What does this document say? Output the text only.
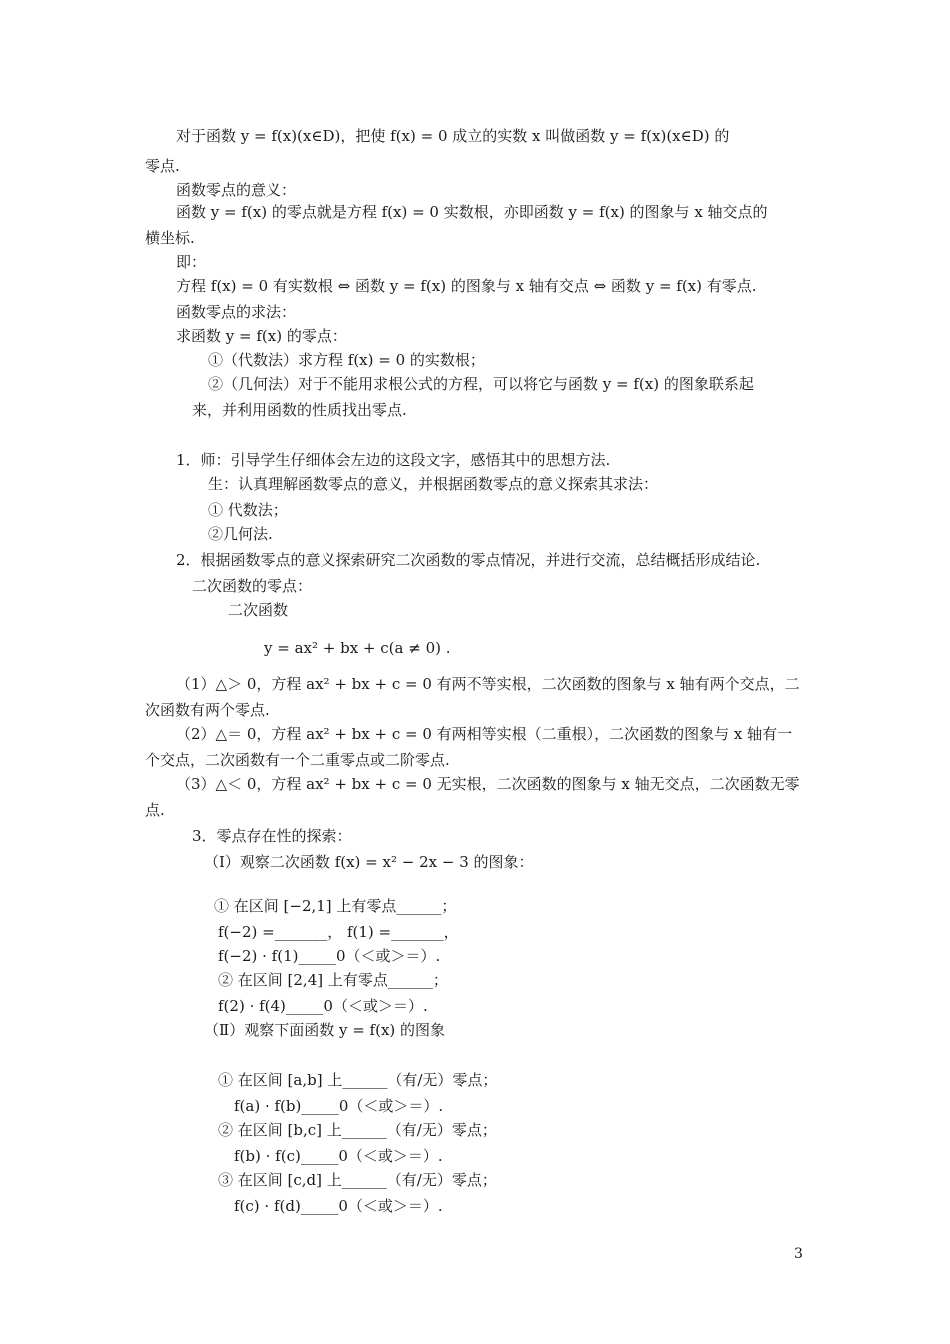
对于函数 y = f(x)(x∈D)，把使 f(x) = 0 成立的实数 x 叫做函数 y = f(x)(x∈D) 的
零点.
函数零点的意义：
函数 y = f(x) 的零点就是方程 f(x) = 0 实数根，亦即函数 y = f(x) 的图象与 x 轴交点的
横坐标.
即：
方程 f(x) = 0 有实数根 ⇔ 函数 y = f(x) 的图象与 x 轴有交点 ⇔ 函数 y = f(x) 有零点.
函数零点的求法：
求函数 y = f(x) 的零点：
①（代数法）求方程 f(x) = 0 的实数根；
②（几何法）对于不能用求根公式的方程，可以将它与函数 y = f(x) 的图象联系起
来，并利用函数的性质找出零点.
1．师：引导学生仔细体会左边的这段文字，感悟其中的思想方法.
生：认真理解函数零点的意义，并根据函数零点的意义探索其求法：
① 代数法；
②几何法.
2．根据函数零点的意义探索研究二次函数的零点情况，并进行交流，总结概括形成结论.
二次函数的零点：
二次函数
y = ax² + bx + c(a ≠ 0) .
（1）△＞ 0，方程 ax² + bx + c = 0 有两不等实根，二次函数的图象与 x 轴有两个交点，二
次函数有两个零点.
（2）△＝ 0，方程 ax² + bx + c = 0 有两相等实根（二重根），二次函数的图象与 x 轴有一
个交点，二次函数有一个二重零点或二阶零点.
（3）△＜ 0，方程 ax² + bx + c = 0 无实根，二次函数的图象与 x 轴无交点，二次函数无零
点.
3．零点存在性的探索：
（Ⅰ）观察二次函数 f(x) = x² − 2x − 3 的图象：
① 在区间 [−2,1] 上有零点______；
f(−2) =_______， f(1) =_______，
f(−2) · f(1)_____0（＜或＞＝）.
② 在区间 [2,4] 上有零点______；
f(2) · f(4)_____0（＜或＞＝）.
（Ⅱ）观察下面函数 y = f(x) 的图象
① 在区间 [a,b] 上______（有/无）零点；
f(a) · f(b)_____0（＜或＞＝）.
② 在区间 [b,c] 上______（有/无）零点；
f(b) · f(c)_____0（＜或＞＝）.
③ 在区间 [c,d] 上______（有/无）零点；
f(c) · f(d)_____0（＜或＞＝）.
3
